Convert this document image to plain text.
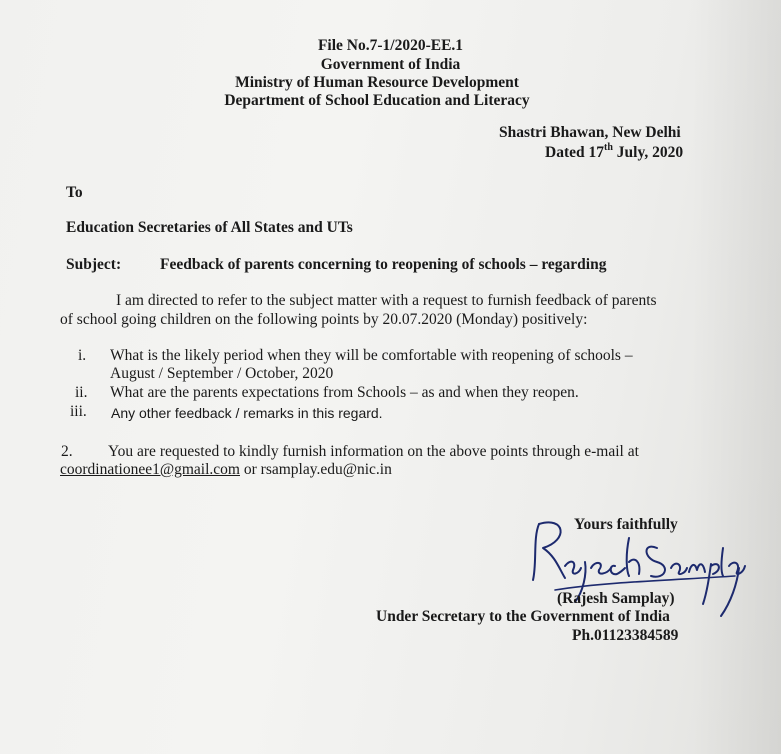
File No.7-1/2020-EE.1
Government of India
Ministry of Human Resource Development
Department of School Education and Literacy
Shastri Bhawan, New Delhi
Dated 17th July, 2020
To
Education Secretaries of All States and UTs
Subject:	Feedback of parents concerning to reopening of schools – regarding
I am directed to refer to the subject matter with a request to furnish feedback of parents
of school going children on the following points by 20.07.2020 (Monday) positively:
i. What is the likely period when they will be comfortable with reopening of schools –
August / September / October, 2020
ii. What are the parents expectations from Schools – as and when they reopen.
iii. Any other feedback / remarks in this regard.
2. You are requested to kindly furnish information on the above points through e-mail at
coordinationee1@gmail.com or rsamplay.edu@nic.in
Yours faithfully
(Rajesh Samplay)
Under Secretary to the Government of India
Ph.01123384589
